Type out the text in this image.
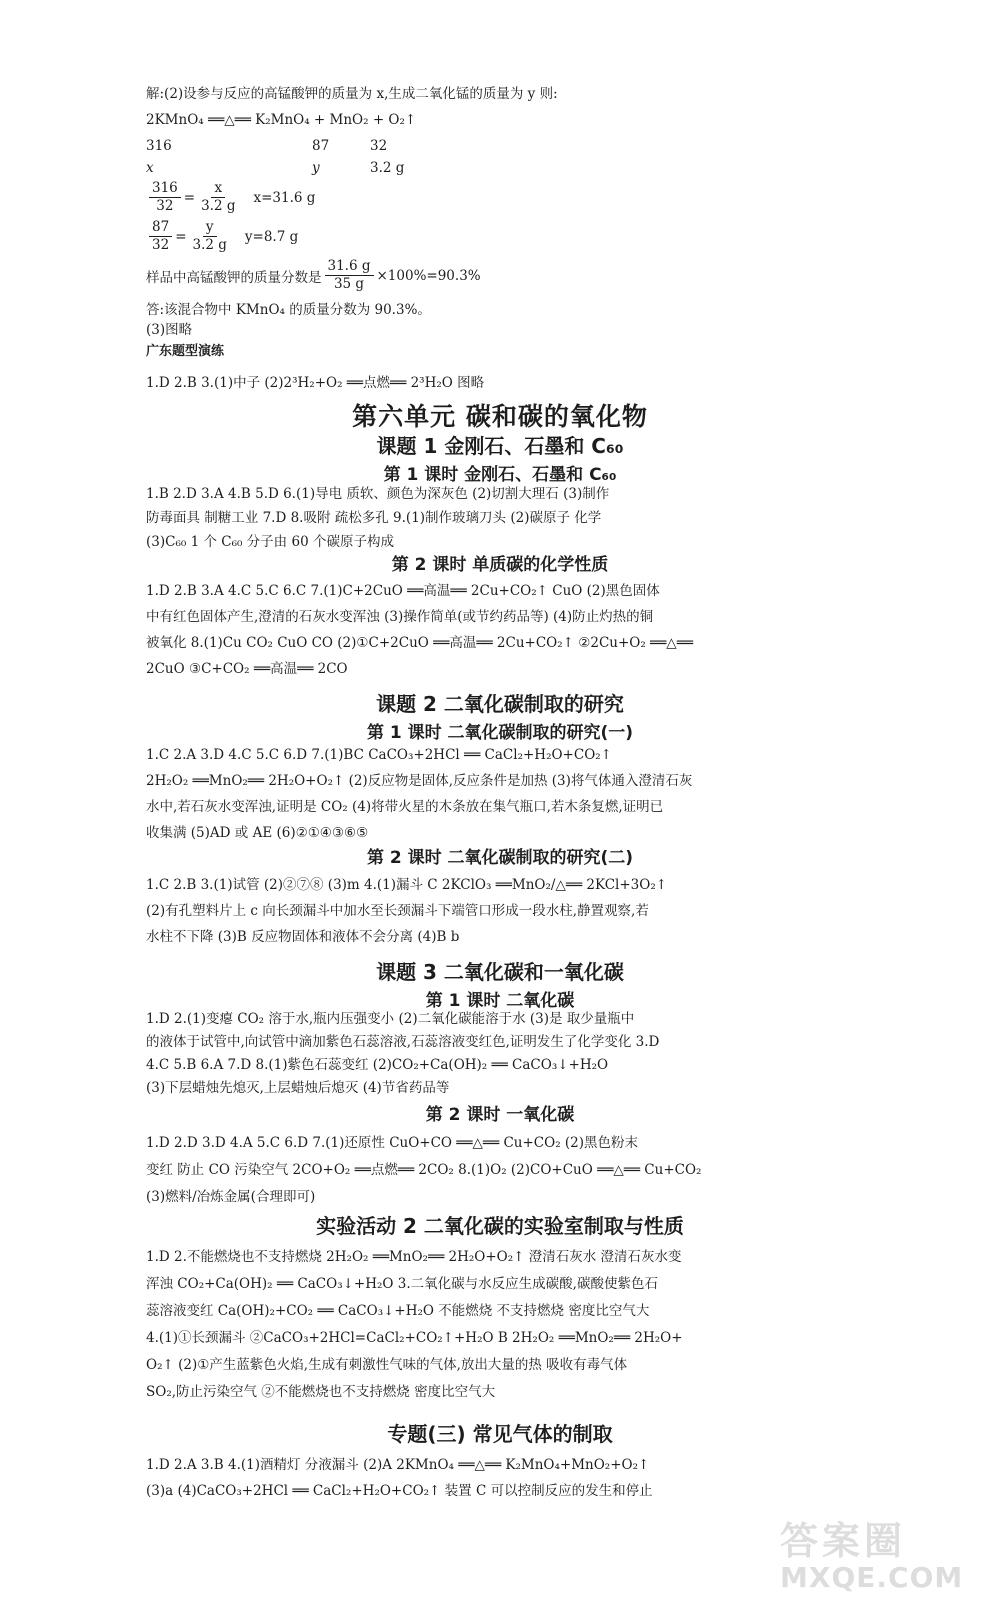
解:(2)设参与反应的高锰酸钾的质量为 x,生成二氧化锰的质量为 y 则:
2KMnO₄ ══△══ K₂MnO₄ + MnO₂ + O₂↑
316	87	32
x	y	3.2 g
$\frac{316}{32} = \frac{x}{3.2 g} x=31.6$ g
$\frac{87}{32} = \frac{y}{3.2 g} y=8.7$ g
样品中高锰酸钾的质量分数是 $\frac{31.6 g}{35 g} \times 100\%=90.3\%$
答:该混合物中 KMnO₄ 的质量分数为 90.3%。
(3)图略
广东题型演练
1.D 2.B 3.(1)中子 (2)2³H₂+O₂ ══点燃══ 2³H₂O 图略
第六单元 碳和碳的氧化物
课题 1 金刚石、石墨和 C₆₀
第 1 课时 金刚石、石墨和 C₆₀
1.B 2.D 3.A 4.B 5.D 6.(1)导电 质软、颜色为深灰色 (2)切割大理石 (3)制作
防毒面具 制糖工业 7.D 8.吸附 疏松多孔 9.(1)制作玻璃刀头 (2)碳原子 化学
(3)C₆₀ 1 个 C₆₀ 分子由 60 个碳原子构成
第 2 课时 单质碳的化学性质
1.D 2.B 3.A 4.C 5.C 6.C 7.(1)C+2CuO ══高温══ 2Cu+CO₂↑ CuO (2)黑色固体
中有红色固体产生,澄清的石灰水变浑浊 (3)操作简单(或节约药品等) (4)防止灼热的铜
被氧化 8.(1)Cu CO₂ CuO CO (2)①C+2CuO ══高温══ 2Cu+CO₂↑ ②2Cu+O₂ ══△══
2CuO ③C+CO₂ ══高温══ 2CO
课题 2 二氧化碳制取的研究
第 1 课时 二氧化碳制取的研究(一)
1.C 2.A 3.D 4.C 5.C 6.D 7.(1)BC CaCO₃+2HCl ══ CaCl₂+H₂O+CO₂↑
2H₂O₂ ══MnO₂══ 2H₂O+O₂↑ (2)反应物是固体,反应条件是加热 (3)将气体通入澄清石灰
水中,若石灰水变浑浊,证明是 CO₂ (4)将带火星的木条放在集气瓶口,若木条复燃,证明已
收集满 (5)AD 或 AE (6)②①④③⑥⑤
第 2 课时 二氧化碳制取的研究(二)
1.C 2.B 3.(1)试管 (2)②⑦⑧ (3)m 4.(1)漏斗 C 2KClO₃ ══MnO₂/△══ 2KCl+3O₂↑
(2)有孔塑料片上 c 向长颈漏斗中加水至长颈漏斗下端管口形成一段水柱,静置观察,若
水柱不下降 (3)B 反应物固体和液体不会分离 (4)B b
课题 3 二氧化碳和一氧化碳
第 1 课时 二氧化碳
1.D 2.(1)变瘪 CO₂ 溶于水,瓶内压强变小 (2)二氧化碳能溶于水 (3)是 取少量瓶中
的液体于试管中,向试管中滴加紫色石蕊溶液,石蕊溶液变红色,证明发生了化学变化 3.D
4.C 5.B 6.A 7.D 8.(1)紫色石蕊变红 (2)CO₂+Ca(OH)₂ ══ CaCO₃↓+H₂O
(3)下层蜡烛先熄灭,上层蜡烛后熄灭 (4)节省药品等
第 2 课时 一氧化碳
1.D 2.D 3.D 4.A 5.C 6.D 7.(1)还原性 CuO+CO ══△══ Cu+CO₂ (2)黑色粉末
变红 防止 CO 污染空气 2CO+O₂ ══点燃══ 2CO₂ 8.(1)O₂ (2)CO+CuO ══△══ Cu+CO₂
(3)燃料/冶炼金属(合理即可)
实验活动 2 二氧化碳的实验室制取与性质
1.D 2.不能燃烧也不支持燃烧 2H₂O₂ ══MnO₂══ 2H₂O+O₂↑ 澄清石灰水 澄清石灰水变
浑浊 CO₂+Ca(OH)₂ ══ CaCO₃↓+H₂O 3.二氧化碳与水反应生成碳酸,碳酸使紫色石
蕊溶液变红 Ca(OH)₂+CO₂ ══ CaCO₃↓+H₂O 不能燃烧 不支持燃烧 密度比空气大
4.(1)①长颈漏斗 ②CaCO₃+2HCl=CaCl₂+CO₂↑+H₂O B 2H₂O₂ ══MnO₂══ 2H₂O+
O₂↑ (2)①产生蓝紫色火焰,生成有刺激性气味的气体,放出大量的热 吸收有毒气体
SO₂,防止污染空气 ②不能燃烧也不支持燃烧 密度比空气大
专题(三) 常见气体的制取
1.D 2.A 3.B 4.(1)酒精灯 分液漏斗 (2)A 2KMnO₄ ══△══ K₂MnO₄+MnO₂+O₂↑
(3)a (4)CaCO₃+2HCl ══ CaCl₂+H₂O+CO₂↑ 装置 C 可以控制反应的发生和停止
答案圈
MXQE.COM
